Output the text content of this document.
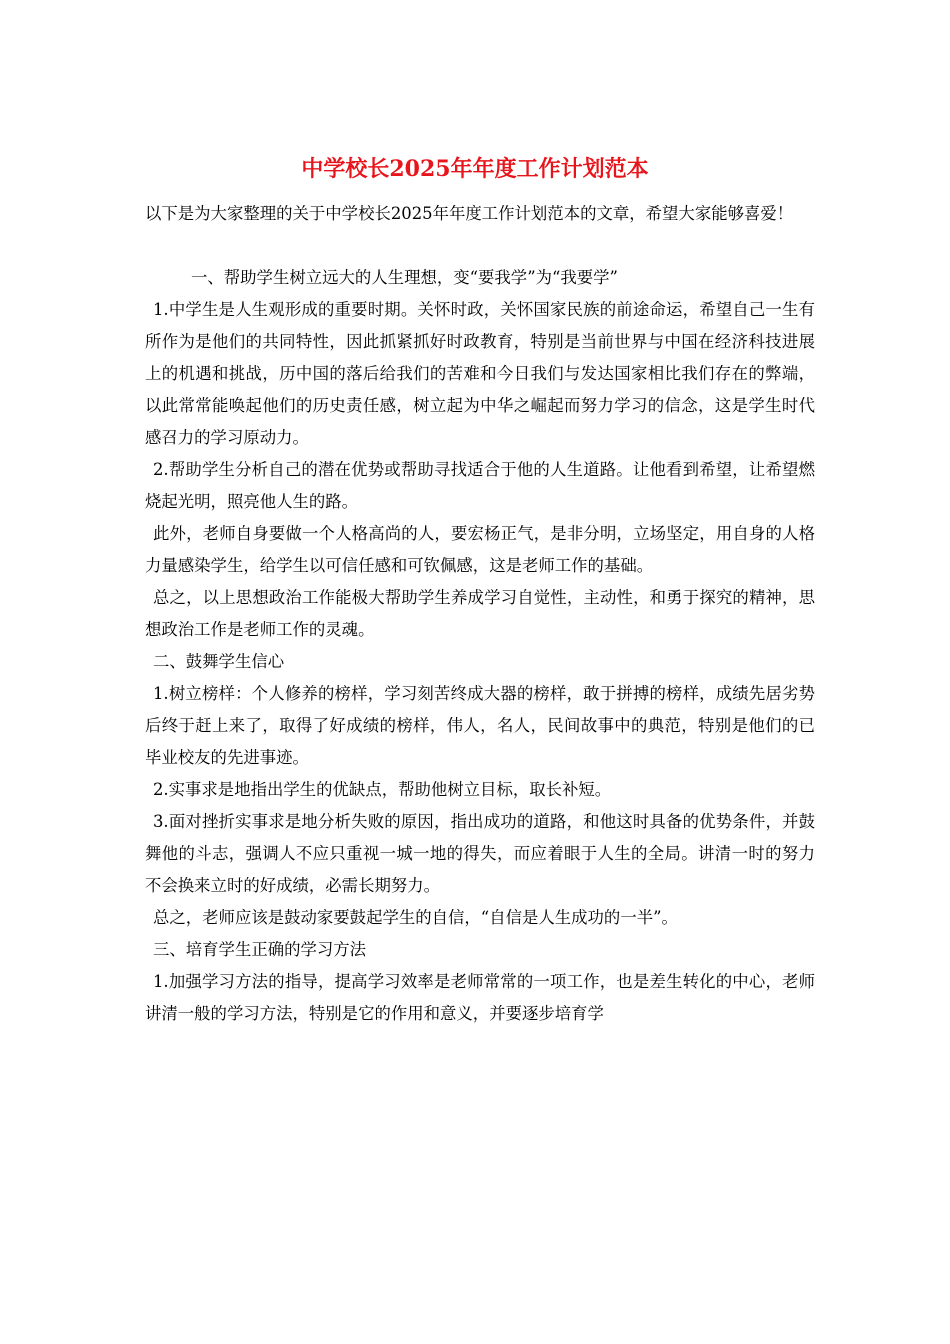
中学校长2025年年度工作计划范本

以下是为大家整理的关于中学校长2025年年度工作计划范本的文章，希望大家能够喜爱！

一、帮助学生树立远大的人生理想，变“要我学”为“我要学”

1.中学生是人生观形成的重要时期。关怀时政，关怀国家民族的前途命运，希望自己一生有所作为是他们的共同特性，因此抓紧抓好时政教育，特别是当前世界与中国在经济科技进展上的机遇和挑战，历中国的落后给我们的苦难和今日我们与发达国家相比我们存在的弊端，以此常常能唤起他们的历史责任感，树立起为中华之崛起而努力学习的信念，这是学生时代感召力的学习原动力。

2.帮助学生分析自己的潜在优势或帮助寻找适合于他的人生道路。让他看到希望，让希望燃烧起光明，照亮他人生的路。

此外，老师自身要做一个人格高尚的人，要宏杨正气，是非分明，立场坚定，用自身的人格力量感染学生，给学生以可信任感和可钦佩感，这是老师工作的基础。

总之，以上思想政治工作能极大帮助学生养成学习自觉性，主动性，和勇于探究的精神，思想政治工作是老师工作的灵魂。

二、鼓舞学生信心

1.树立榜样：个人修养的榜样，学习刻苦终成大器的榜样，敢于拼搏的榜样，成绩先居劣势后终于赶上来了，取得了好成绩的榜样，伟人，名人，民间故事中的典范，特别是他们的已毕业校友的先进事迹。

2.实事求是地指出学生的优缺点，帮助他树立目标，取长补短。

3.面对挫折实事求是地分析失败的原因，指出成功的道路，和他这时具备的优势条件，并鼓舞他的斗志，强调人不应只重视一城一地的得失，而应着眼于人生的全局。讲清一时的努力不会换来立时的好成绩，必需长期努力。

总之，老师应该是鼓动家要鼓起学生的自信，“自信是人生成功的一半”。

三、培育学生正确的学习方法

1.加强学习方法的指导，提高学习效率是老师常常的一项工作，也是差生转化的中心，老师讲清一般的学习方法，特别是它的作用和意义，并要逐步培育学
